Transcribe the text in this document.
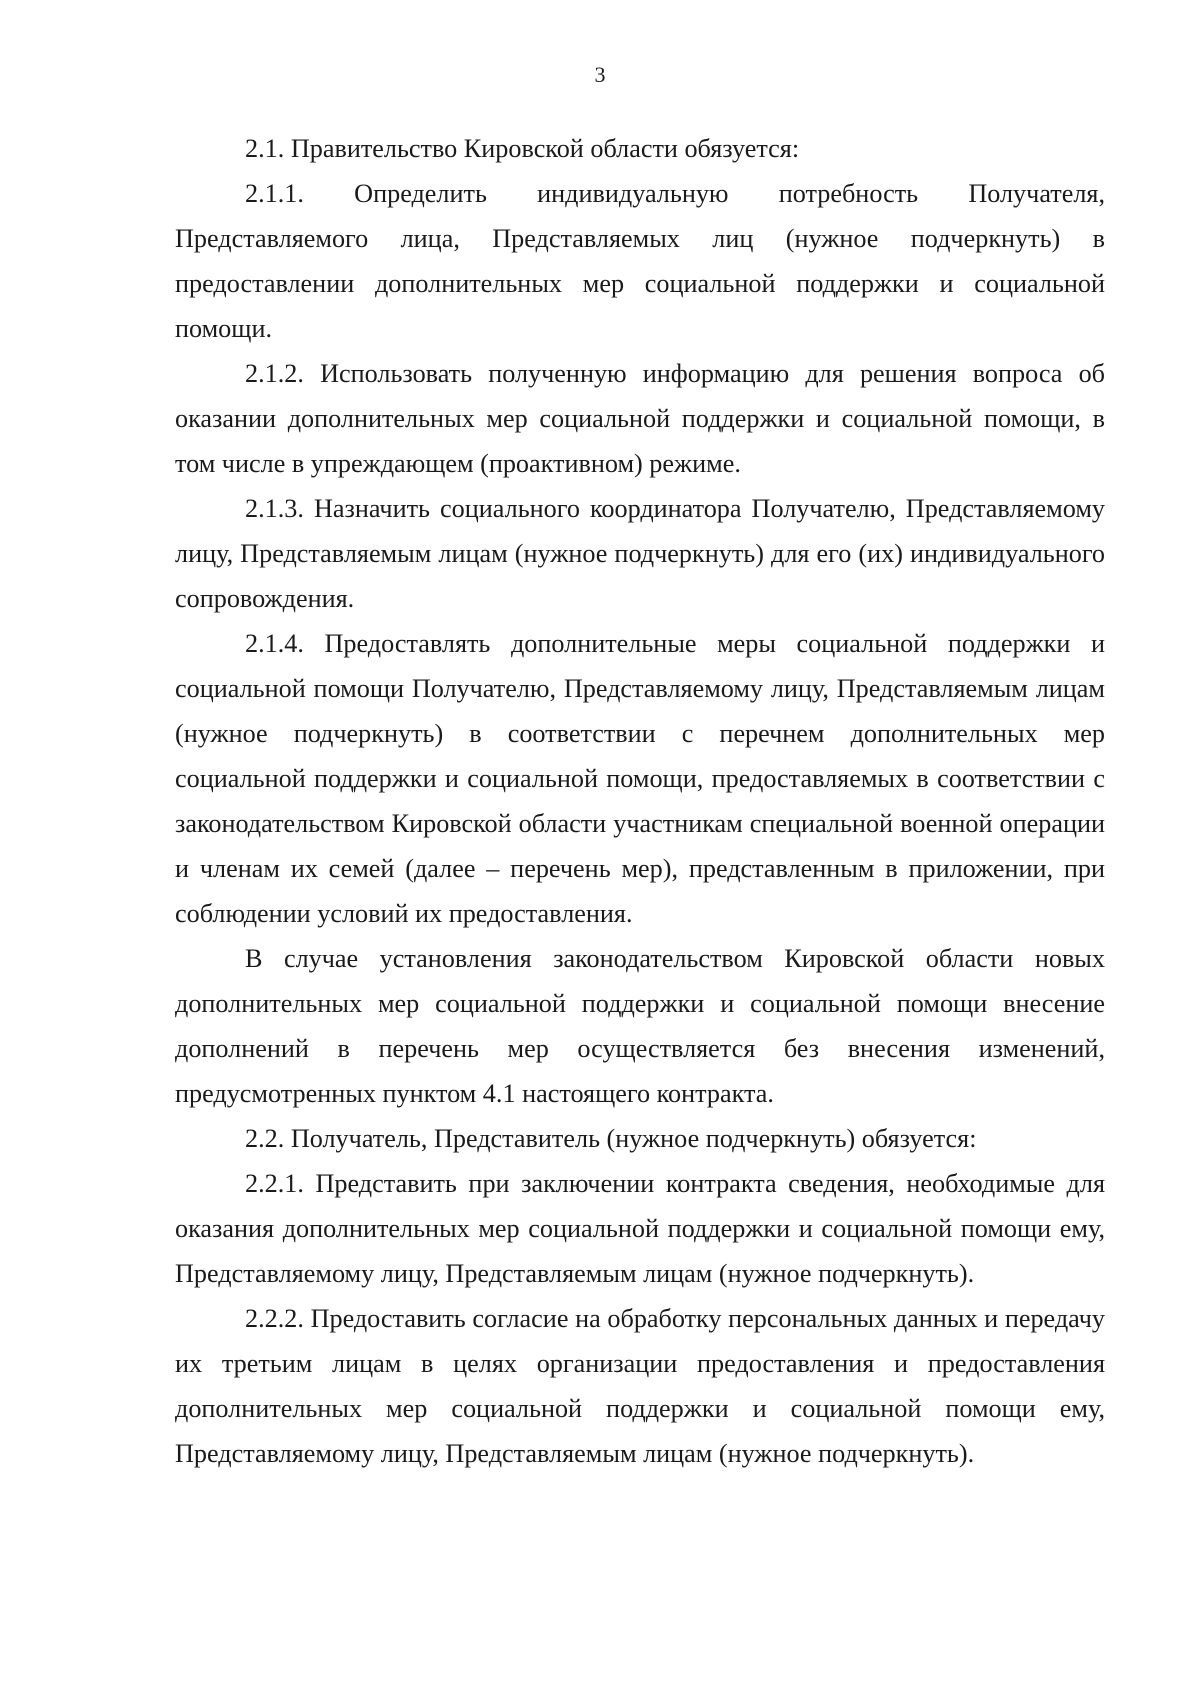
3

2.1. Правительство Кировской области обязуется:

2.1.1. Определить индивидуальную потребность Получателя, Представляемого лица, Представляемых лиц (нужное подчеркнуть) в предоставлении дополнительных мер социальной поддержки и социальной помощи.

2.1.2. Использовать полученную информацию для решения вопроса об оказании дополнительных мер социальной поддержки и социальной помощи, в том числе в упреждающем (проактивном) режиме.

2.1.3. Назначить социального координатора Получателю, Представляемому лицу, Представляемым лицам (нужное подчеркнуть) для его (их) индивидуального сопровождения.

2.1.4. Предоставлять дополнительные меры социальной поддержки и социальной помощи Получателю, Представляемому лицу, Представляемым лицам (нужное подчеркнуть) в соответствии с перечнем дополнительных мер социальной поддержки и социальной помощи, предоставляемых в соответствии с законодательством Кировской области участникам специальной военной операции и членам их семей (далее – перечень мер), представленным в приложении, при соблюдении условий их предоставления.

В случае установления законодательством Кировской области новых дополнительных мер социальной поддержки и социальной помощи внесение дополнений в перечень мер осуществляется без внесения изменений, предусмотренных пунктом 4.1 настоящего контракта.

2.2. Получатель, Представитель (нужное подчеркнуть) обязуется:

2.2.1. Представить при заключении контракта сведения, необходимые для оказания дополнительных мер социальной поддержки и социальной помощи ему, Представляемому лицу, Представляемым лицам (нужное подчеркнуть).

2.2.2. Предоставить согласие на обработку персональных данных и передачу их третьим лицам в целях организации предоставления и предоставления дополнительных мер социальной поддержки и социальной помощи ему, Представляемому лицу, Представляемым лицам (нужное подчеркнуть).
